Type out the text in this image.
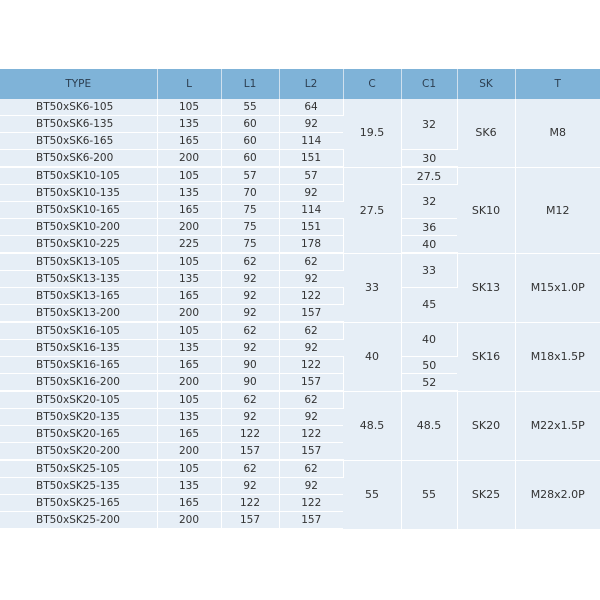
TYPE	L	L1	L2	C	C1	SK	T
BT50xSK6-105	105	55	64	19.5	32	SK6	M8
BT50xSK6-135	135	60	92				
BT50xSK6-165	165	60	114				
BT50xSK6-200	200	60	151		30		
BT50xSK10-105	105	57	57	27.5	27.5	SK10	M12
BT50xSK10-135	135	70	92		32		
BT50xSK10-165	165	75	114				
BT50xSK10-200	200	75	151		36		
BT50xSK10-225	225	75	178		40		
BT50xSK13-105	105	62	62	33	33	SK13	M15x1.0P
BT50xSK13-135	135	92	92				
BT50xSK13-165	165	92	122		45		
BT50xSK13-200	200	92	157				
BT50xSK16-105	105	62	62	40	40	SK16	M18x1.5P
BT50xSK16-135	135	92	92				
BT50xSK16-165	165	90	122		50		
BT50xSK16-200	200	90	157		52		
BT50xSK20-105	105	62	62	48.5	48.5	SK20	M22x1.5P
BT50xSK20-135	135	92	92				
BT50xSK20-165	165	122	122				
BT50xSK20-200	200	157	157				
BT50xSK25-105	105	62	62	55	55	SK25	M28x2.0P
BT50xSK25-135	135	92	92				
BT50xSK25-165	165	122	122				
BT50xSK25-200	200	157	157				
